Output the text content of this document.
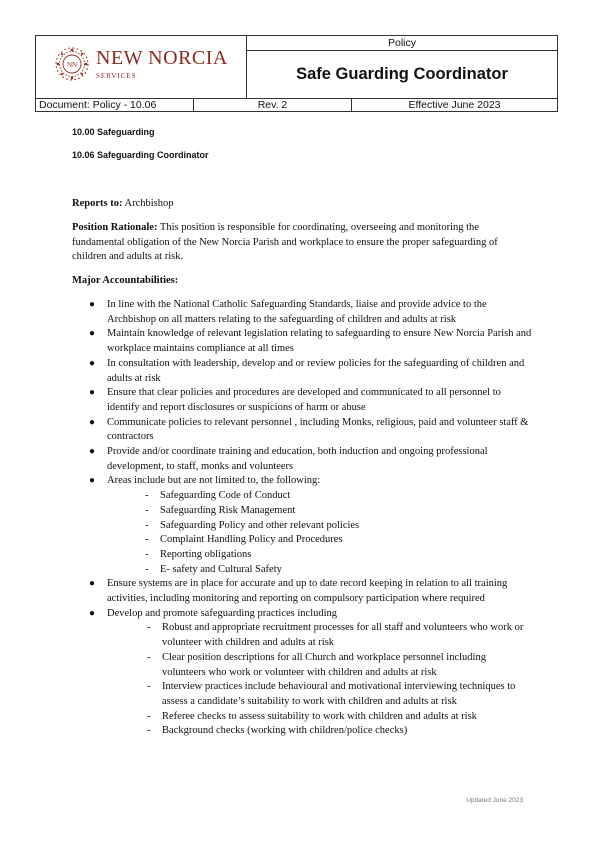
NN NEW NORCIA
SERVICES
Policy
Safe Guarding Coordinator
Document: Policy - 10.06	Rev. 2	Effective June 2023
10.00 Safeguarding
10.06 Safeguarding Coordinator
Reports to: Archbishop
Position Rationale: This position is responsible for coordinating, overseeing and monitoring the fundamental obligation of the New Norcia Parish and workplace to ensure the proper safeguarding of children and adults at risk.
Major Accountabilities:
● In line with the National Catholic Safeguarding Standards, liaise and provide advice to the Archbishop on all matters relating to the safeguarding of children and adults at risk
● Maintain knowledge of relevant legislation relating to safeguarding to ensure New Norcia Parish and workplace maintains compliance at all times
● In consultation with leadership, develop and or review policies for the safeguarding of children and adults at risk
● Ensure that clear policies and procedures are developed and communicated to all personnel to identify and report disclosures or suspicions of harm or abuse
● Communicate policies to relevant personnel , including Monks, religious, paid and volunteer staff & contractors
● Provide and/or coordinate training and education, both induction and ongoing professional development, to staff, monks and volunteers
● Areas include but are not limited to, the following:
- Safeguarding Code of Conduct
- Safeguarding Risk Management
- Safeguarding Policy and other relevant policies
- Complaint Handling Policy and Procedures
- Reporting obligations
- E- safety and Cultural Safety
● Ensure systems are in place for accurate and up to date record keeping in relation to all training activities, including monitoring and reporting on compulsory participation where required
● Develop and promote safeguarding practices including
- Robust and appropriate recruitment processes for all staff and volunteers who work or volunteer with children and adults at risk
- Clear position descriptions for all Church and workplace personnel including volunteers who work or volunteer with children and adults at risk
- Interview practices include behavioural and motivational interviewing techniques to assess a candidate’s suitability to work with children and adults at risk
- Referee checks to assess suitability to work with children and adults at risk
- Background checks (working with children/police checks)
Updated June 2023
